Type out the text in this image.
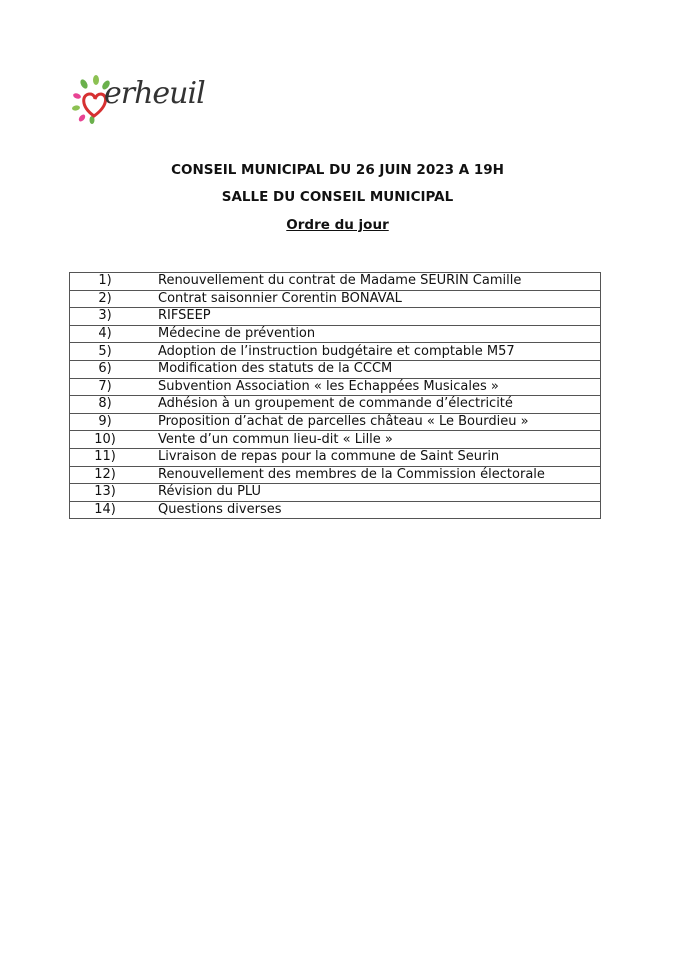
erheuil
CONSEIL MUNICIPAL DU 26 JUIN 2023 A 19H
SALLE DU CONSEIL MUNICIPAL
Ordre du jour
1)	Renouvellement du contrat de Madame SEURIN Camille
2)	Contrat saisonnier Corentin BONAVAL
3)	RIFSEEP
4)	Médecine de prévention
5)	Adoption de l’instruction budgétaire et comptable M57
6)	Modification des statuts de la CCCM
7)	Subvention Association « les Echappées Musicales »
8)	Adhésion à un groupement de commande d’électricité
9)	Proposition d’achat de parcelles château « Le Bourdieu »
10)	Vente d’un commun lieu-dit « Lille »
11)	Livraison de repas pour la commune de Saint Seurin
12)	Renouvellement des membres de la Commission électorale
13)	Révision du PLU
14)	Questions diverses
